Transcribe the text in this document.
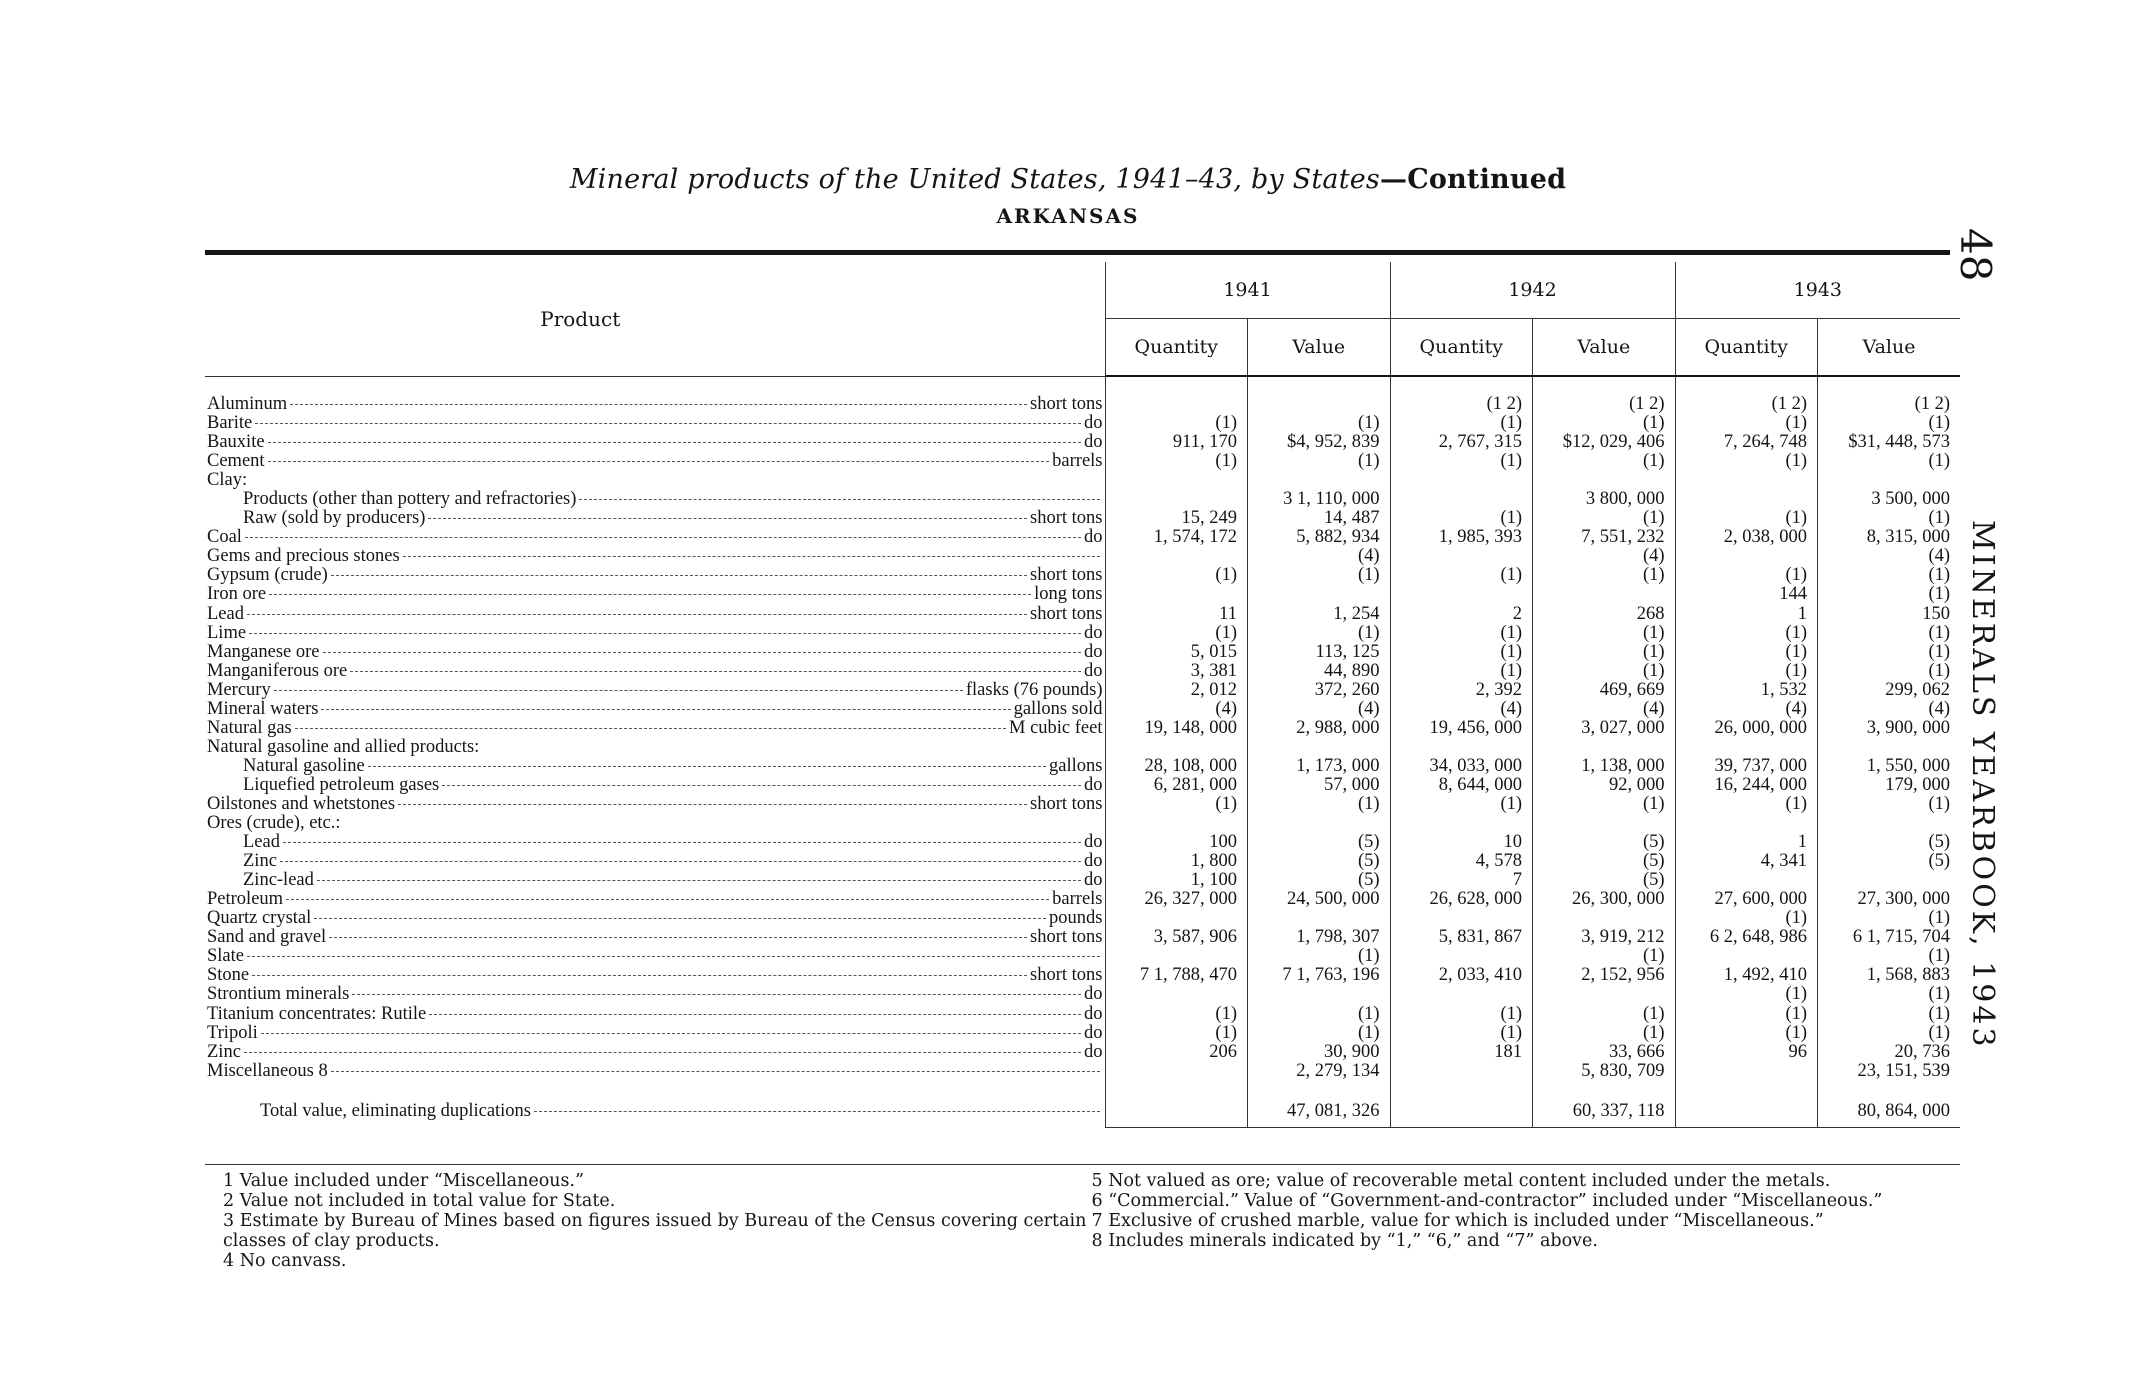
Mineral products of the United States, 1941–43, by States—Continued
ARKANSAS
48
MINERALS YEARBOOK, 1943
Product	1941		1942		1943	
	Quantity	Value	Quantity	Value	Quantity	Value

Aluminum short tons			(1 2)	(1 2)	(1 2)	(1 2)

Barite do	(1)	(1)	(1)	(1)	(1)	(1)

Bauxite do	911, 170	$4, 952, 839	2, 767, 315	$12, 029, 406	7, 264, 748	$31, 448, 573

Cement barrels	(1)	(1)	(1)	(1)	(1)	(1)

Clay:						

Products (other than pottery and refractories)		3 1, 110, 000		3 800, 000		3 500, 000

Raw (sold by producers) short tons	15, 249	14, 487	(1)	(1)	(1)	(1)

Coal do	1, 574, 172	5, 882, 934	1, 985, 393	7, 551, 232	2, 038, 000	8, 315, 000

Gems and precious stones		(4)		(4)		(4)

Gypsum (crude) short tons	(1)	(1)	(1)	(1)	(1)	(1)

Iron ore long tons					144	(1)

Lead short tons	11	1, 254	2	268	1	150

Lime do	(1)	(1)	(1)	(1)	(1)	(1)

Manganese ore do	5, 015	113, 125	(1)	(1)	(1)	(1)

Manganiferous ore do	3, 381	44, 890	(1)	(1)	(1)	(1)

Mercury flasks (76 pounds)	2, 012	372, 260	2, 392	469, 669	1, 532	299, 062

Mineral waters gallons sold	(4)	(4)	(4)	(4)	(4)	(4)

Natural gas M cubic feet	19, 148, 000	2, 988, 000	19, 456, 000	3, 027, 000	26, 000, 000	3, 900, 000

Natural gasoline and allied products:						

Natural gasoline gallons	28, 108, 000	1, 173, 000	34, 033, 000	1, 138, 000	39, 737, 000	1, 550, 000

Liquefied petroleum gases do	6, 281, 000	57, 000	8, 644, 000	92, 000	16, 244, 000	179, 000

Oilstones and whetstones short tons	(1)	(1)	(1)	(1)	(1)	(1)

Ores (crude), etc.:						

Lead do	100	(5)	10	(5)	1	(5)

Zinc do	1, 800	(5)	4, 578	(5)	4, 341	(5)

Zinc-lead do	1, 100	(5)	7	(5)		

Petroleum barrels	26, 327, 000	24, 500, 000	26, 628, 000	26, 300, 000	27, 600, 000	27, 300, 000

Quartz crystal pounds					(1)	(1)

Sand and gravel short tons	3, 587, 906	1, 798, 307	5, 831, 867	3, 919, 212	6 2, 648, 986	6 1, 715, 704

Slate		(1)		(1)		(1)

Stone short tons	7 1, 788, 470	7 1, 763, 196	2, 033, 410	2, 152, 956	1, 492, 410	1, 568, 883

Strontium minerals do					(1)	(1)

Titanium concentrates: Rutile do	(1)	(1)	(1)	(1)	(1)	(1)

Tripoli do	(1)	(1)	(1)	(1)	(1)	(1)

Zinc do	206	30, 900	181	33, 666	96	20, 736

Miscellaneous 8		2, 279, 134		5, 830, 709		23, 151, 539

Total value, eliminating duplications		47, 081, 326		60, 337, 118		80, 864, 000

1 Value included under “Miscellaneous.”

2 Value not included in total value for State.

3 Estimate by Bureau of Mines based on figures issued by Bureau of the Census covering certain classes of clay products.

4 No canvass.

5 Not valued as ore; value of recoverable metal content included under the metals.

6 “Commercial.” Value of “Government-and-contractor” included under “Miscellaneous.”

7 Exclusive of crushed marble, value for which is included under “Miscellaneous.”

8 Includes minerals indicated by “1,” “6,” and “7” above.
